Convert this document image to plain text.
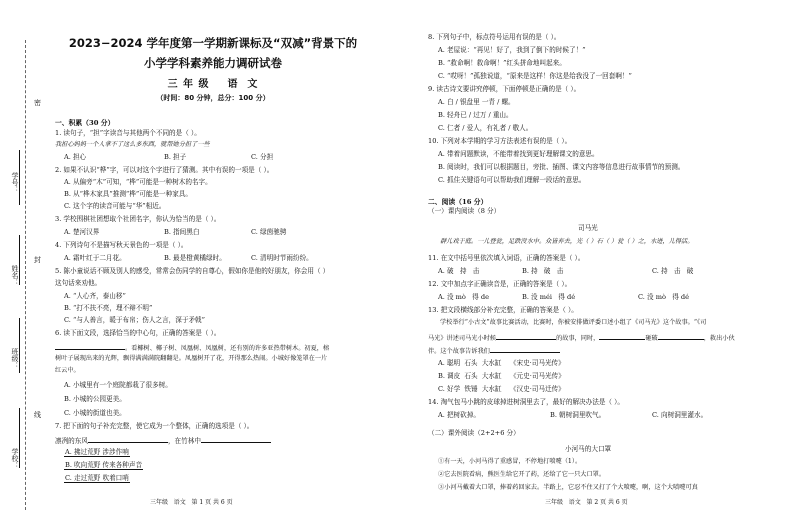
密
封
线
学号：
姓名：
班级：
学校：
2023−2024 学年度第一学期新课标及“双减”背景下的
小学学科素养能力调研试卷
三 年 级    语  文
（时间：80 分钟，总分：100 分）
一、积累（30 分）
1. 读句子，“担”字读音与其他两个不同的是（ ）。
我担心妈妈一个人拿不了这么多东西，就帮她分担了一些
A. 担心	B. 担子	C. 分担
2. 如果不认识“桦”字，可以对这个字进行了猜测。其中有误的一项是（ ）。
A. 从偏旁“木”可知，“桦”可能是一种树木的名字。
B. 从“桦木家具”推测“桦”可能是一种家具。
C. 这个字的读音可能与“华”相近。
3. 学校围棋社团想取个社团名字，你认为恰当的是（ ）。
A. 楚河汉界	B. 指间黑白	C. 绿茵驰骋
4. 下列诗句不是描写秋天景色的一项是（ ）。
A. 霜叶红于二月花。	B. 最是橙黄橘绿时。	C. 清明时节雨纷纷。
5. 陈小童说话不顾及别人的感受，常常会伤同学的自尊心，假如你是他的好朋友，你会用（ ）
这句话来劝他。
A. “人心齐，泰山移”
B. “打不扶不亮，理不辩不明”
C. “与人善言，暖于布帛；伤人之言，深于矛戟”
6. 读下面文段，选择恰当的中心句，正确的答案是（ ）。
。看椰树、椰子树、凤凰树、凤凰树，还有别的许多亚热带树木。初夏，榕
树叶子展现出来的光辉，飘得满满满院翻翻是。凤凰树开了花，开得那么热闹。小城好像笼罩在一片
红云中。
A. 小城里有一个庭院都栽了很多树。
B. 小城的公园更美。
C. 小城的街道也美。
7. 把下面的句子补充完整，使它成为一个整体，正确的选项是（ ）。
凛冽的东风	，在竹林中
A. 拂过荒野 涉涉作响
B. 吹向荒野 传来各种声音
C. 走过荒野 吹着口哨
三年级   语文   第 1 页 共 6 页
8. 下列句子中，标点符号运用有误的是（ ）。
A. 老屋说：“再见！好了，我到了倒下的时候了！”
B. “救命啊！救命啊！”红头拼命地叫起来。
C. “哎呀！”孤独说道，“原来是这样！你这是给我没了一回套啊！”
9. 读古诗文要讲究停顿，下面停顿是正确的是（ ）。
A. 白 / 银盘里 一青 / 螺。
B. 轻舟已 / 过万 / 重山。
C. 仁者 / 爱人，有礼者 / 敬人。
10. 下列对本学期的学习方法表述有误的是（ ）。
A. 带着问题默读，不能带着找到更好理解课文的意思。
B. 阅读时，我们可以根据题目，旁批、插图、课文内容等信息进行故事情节的预测。
C. 抓住关键语句可以帮助我们理解一段话的意思。
二、阅读（16 分）
（一）课内阅读（8 分）
司马光
群儿戏于庭。一儿登瓮，足跌没水中。众皆弃去，光（ ）石（ ）瓮（ ）之，水迸，儿得活。
11. 在文中括号里依次填入词语，正确的答案是（ ）。
A. 破   持   击	B. 持   破   击	C. 持   击   破
12. 文中加点字正确读音是，正确的答案是（ ）。
A. 没 mò   得 de	B. 没 méi   得 dé	C. 没 mò   得 dé
13. 把文段横线部分补充完整，正确的答案是（ ）。
学校举行“小古文”故事比赛活动，比赛时，你被安排做评委口述小组了《司马光》这个故事。“《司
马光》讲述司马光小时候	的故事，同时，	砸破	，救出小伙
伴。这个故事告诉我们
A. 聪明  石头  大水缸    《宋史·司马光传》
B. 调皮  石头  大水缸    《元史·司马光传》
C. 好学  铁锤  大水缸    《汉史·司马迁传》
14. 淘气包马小跳的皮球掉进树洞里去了，最好的解决办法是（ ）。
A. 把树砍掉。	B. 朝树洞里吹气。	C. 向树洞里灌水。
（二）课外阅读（2+2+6 分）
小河马的大口罩
①有一天，小河马得了重感冒，不停地打喷嚏（1）。
②它去医院看病，熊医生给它开了药，还给了它一只大口罩。
③小河马戴着大口罩，捧着药回家去。半路上，它忍不住又打了个大喷嚏，啊，这个大喷嚏可真
三年级   语文   第 2 页 共 6 页
